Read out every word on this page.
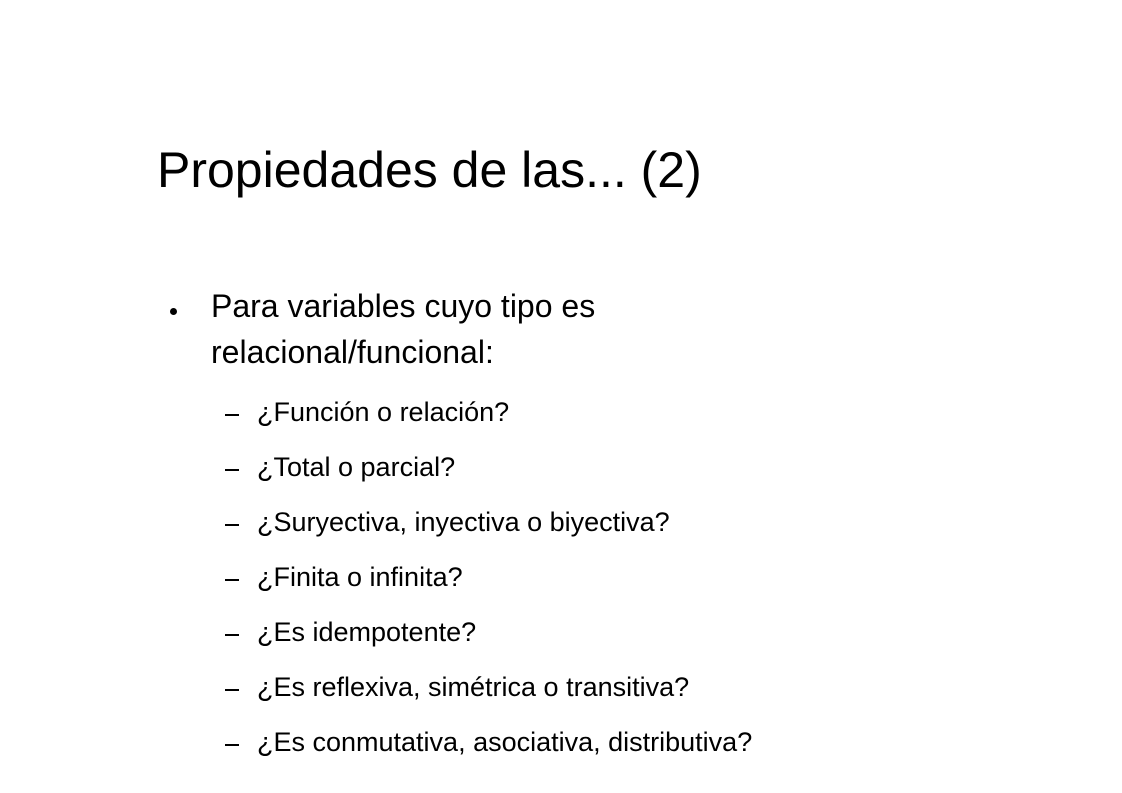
Propiedades de las... (2)
Para variables cuyo tipo es
relacional/funcional:
¿Función o relación?
¿Total o parcial?
¿Suryectiva, inyectiva o biyectiva?
¿Finita o infinita?
¿Es idempotente?
¿Es reflexiva, simétrica o transitiva?
¿Es conmutativa, asociativa, distributiva?
